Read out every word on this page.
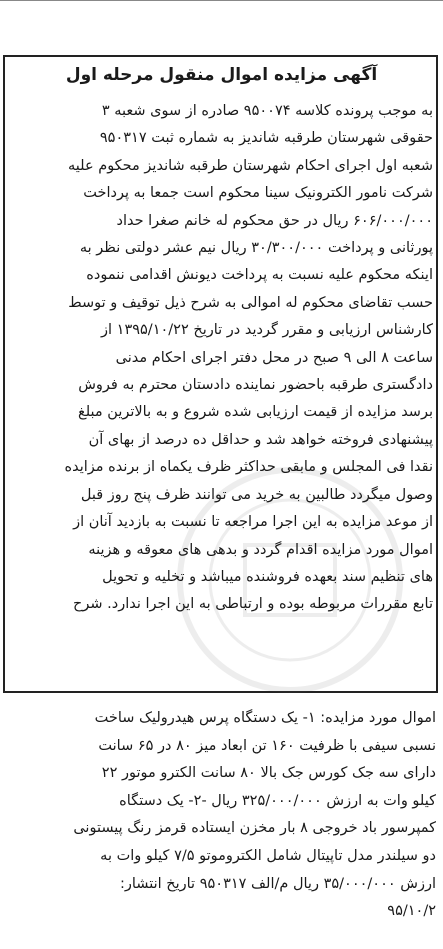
آگهی مزایده اموال منقول مرحله اول
به موجب پرونده کلاسه ۹۵۰۰۷۴ صادره از سوی شعبه ۳
حقوقی شهرستان طرقبه شاندیز به شماره ثبت ۹۵۰۳۱۷
شعبه اول اجرای احکام شهرستان طرقبه شاندیز محکوم علیه
شرکت نامور الکترونیک سینا محکوم است جمعا به پرداخت
۶۰۶/۰۰۰/۰۰۰ ریال در حق محکوم له خانم صغرا حداد
پورثانی و پرداخت ۳۰/۳۰۰/۰۰۰ ریال نیم عشر دولتی نظر به
اینکه محکوم علیه نسبت به پرداخت دیونش اقدامی ننموده
حسب تقاضای محکوم له اموالی به شرح ذیل توقیف و توسط
کارشناس ارزیابی و مقرر گردید در تاریخ ۱۳۹۵/۱۰/۲۲ از
ساعت ۸ الی ۹ صبح در محل دفتر اجرای احکام مدنی
دادگستری طرقبه باحضور نماینده دادستان محترم به فروش
برسد مزایده از قیمت ارزیابی شده شروع و به بالاترین مبلغ
پیشنهادی فروخته خواهد شد و حداقل ده درصد از بهای آن
نقدا فی المجلس و مابقی حداکثر ظرف یکماه از برنده مزایده
وصول میگردد طالبین به خرید می توانند ظرف پنج روز قبل
از موعد مزایده به این اجرا مراجعه تا نسبت به بازدید آنان از
اموال مورد مزایده اقدام گردد و بدهی های معوقه و هزینه
های تنظیم سند بعهده فروشنده میباشد و تخلیه و تحویل
تابع مقررات مربوطه بوده و ارتباطی به این اجرا ندارد. شرح
اموال مورد مزایده: ۱- یک دستگاه پرس هیدرولیک ساخت
نسبی سیفی با ظرفیت ۱۶۰ تن ابعاد میز ۸۰ در ۶۵ سانت
دارای سه جک کورس جک بالا ۸۰ سانت الکترو موتور ۲۲
کیلو وات به ارزش ۳۲۵/۰۰۰/۰۰۰ ریال -۲- یک دستگاه
کمپرسور باد خروجی ۸ بار مخزن ایستاده قرمز رنگ پیستونی
دو سیلندر مدل تاپیتال شامل الکتروموتو ۷/۵ کیلو وات به
ارزش ۳۵/۰۰۰/۰۰۰ ریال م/الف ۹۵۰۳۱۷ تاریخ انتشار:
۹۵/۱۰/۲
